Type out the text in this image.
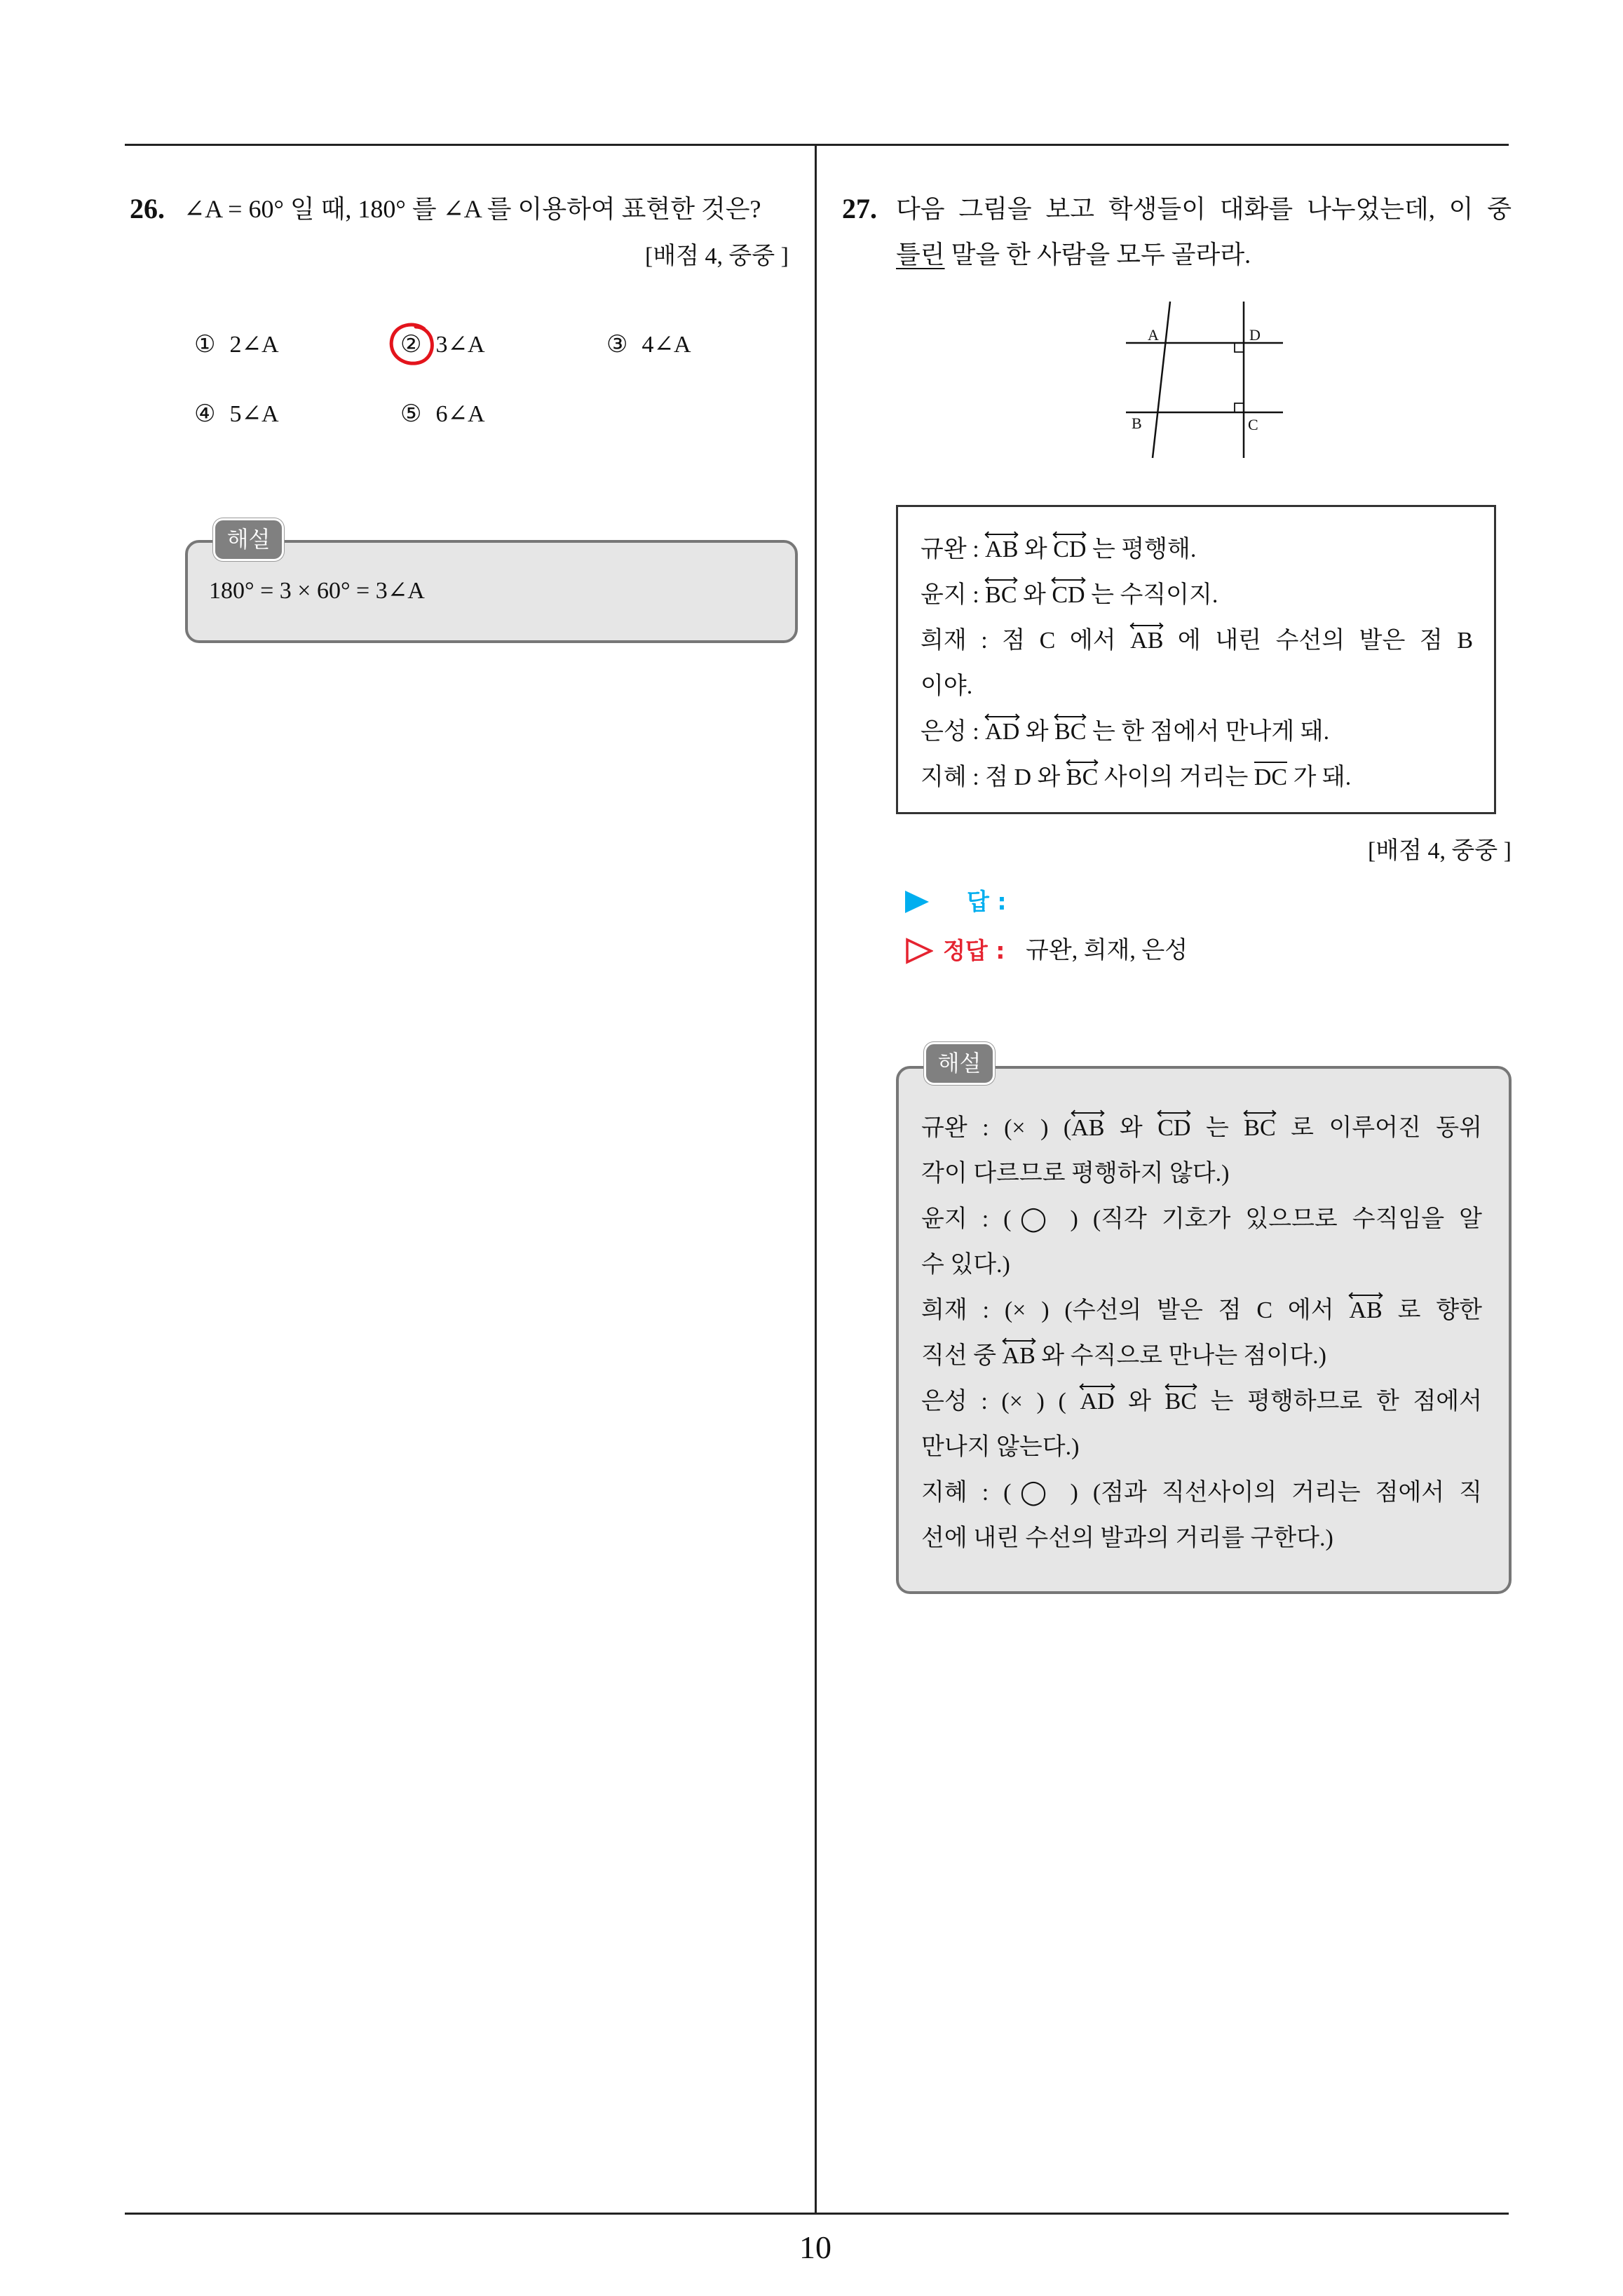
26. ∠A = 60° 일 때, 180° 를 ∠A 를 이용하여 표현한 것은?
[배점 4, 중중 ]
① 2∠A	② 3∠A	③ 4∠A
④ 5∠A	⑤ 6∠A
해설
180° = 3 × 60° = 3∠A
27. 다음 그림을 보고 학생들이 대화를 나누었는데, 이 중
틀린 말을 한 사람을 모두 골라라.
A	D
B	C
규완 : AB 와 CD 는 평행해.
윤지 : BC 와 CD 는 수직이지.
희재 : 점 C 에서 AB 에 내린 수선의 발은 점 B
이야.
은성 : AD 와 BC 는 한 점에서 만나게 돼.
지혜 : 점 D 와 BC 사이의 거리는 DC 가 돼.
[배점 4, 중중 ]
답 :
정답 : 규완, 희재, 은성
해설
규완 : (× ) (AB 와 CD 는 BC 로 이루어진 동위
각이 다르므로 평행하지 않다.)
윤지 : (◯ ) (직각 기호가 있으므로 수직임을 알
수 있다.)
희재 : (× ) (수선의 발은 점 C 에서 AB 로 향한
직선 중 AB 와 수직으로 만나는 점이다.)
은성 : (× ) ( AD 와 BC 는 평행하므로 한 점에서
만나지 않는다.)
지혜 : (◯ ) (점과 직선사이의 거리는 점에서 직
선에 내린 수선의 발과의 거리를 구한다.)
10
